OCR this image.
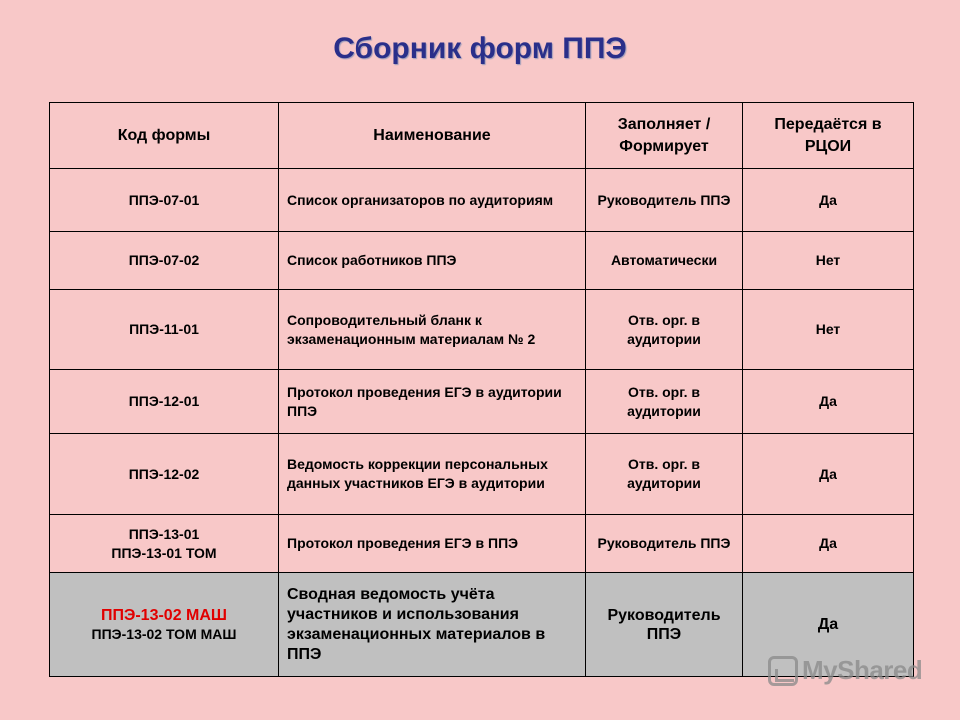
Сборник форм ППЭ
Код формы	Наименование	Заполняет / Формирует	Передаётся в РЦОИ
ППЭ-07-01	Список организаторов по аудиториям	Руководитель ППЭ	Да
ППЭ-07-02	Список работников ППЭ	Автоматически	Нет
ППЭ-11-01	Сопроводительный бланк к экзаменационным материалам № 2	Отв. орг. в аудитории	Нет
ППЭ-12-01	Протокол проведения ЕГЭ в аудитории ППЭ	Отв. орг. в аудитории	Да
ППЭ-12-02	Ведомость коррекции персональных данных участников ЕГЭ в аудитории	Отв. орг. в аудитории	Да

ППЭ-13-01
ППЭ-13-01 ТОМ	Протокол проведения ЕГЭ в ППЭ	Руководитель ППЭ	Да

ППЭ-13-02 МАШ
ППЭ-13-02 ТОМ МАШ	Сводная ведомость учёта участников и использования экзаменационных материалов в ППЭ	Руководитель ППЭ	Да
MyShared
